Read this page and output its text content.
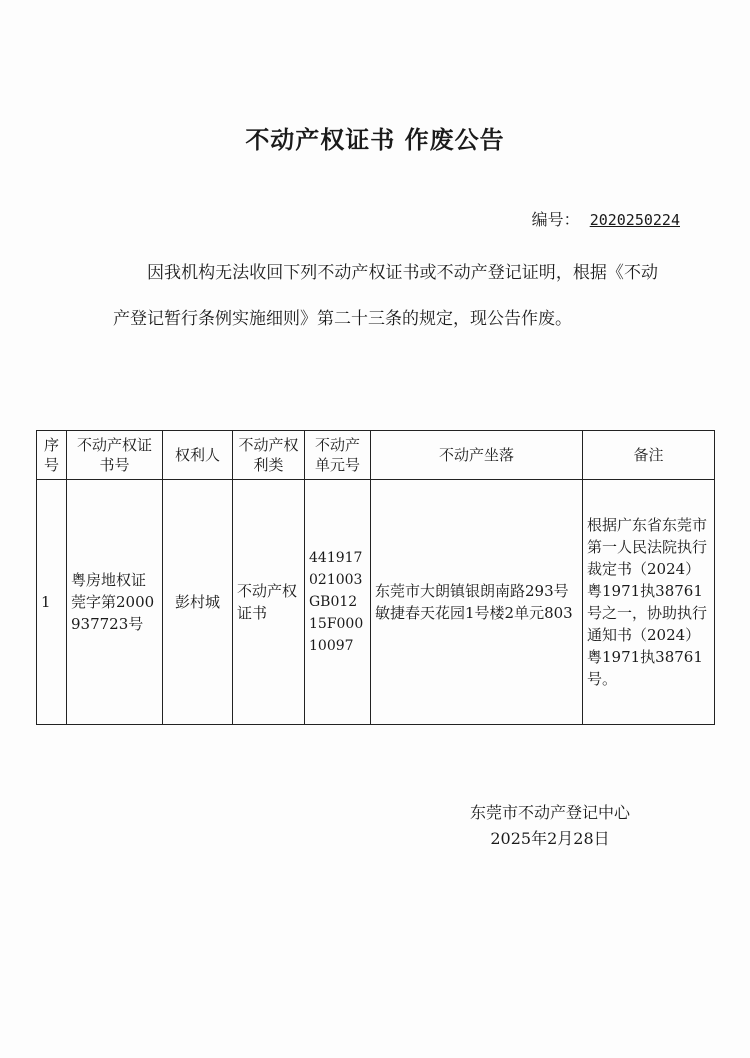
不动产权证书 作废公告
编号： 2020250224
因我机构无法收回下列不动产权证书或不动产登记证明，根据《不动产登记暂行条例实施细则》第二十三条的规定，现公告作废。
序号	不动产权证书号	权利人	不动产权利类	不动产单元号	不动产坐落	备注
1	粤房地权证莞字第2000937723号	彭村城	不动产权证书	441917021003GB01215F00010097	东莞市大朗镇银朗南路293号敏捷春天花园1号楼2单元803	根据广东省东莞市第一人民法院执行裁定书（2024）粤1971执38761号之一，协助执行通知书（2024）粤1971执38761号。
东莞市不动产登记中心
2025年2月28日
